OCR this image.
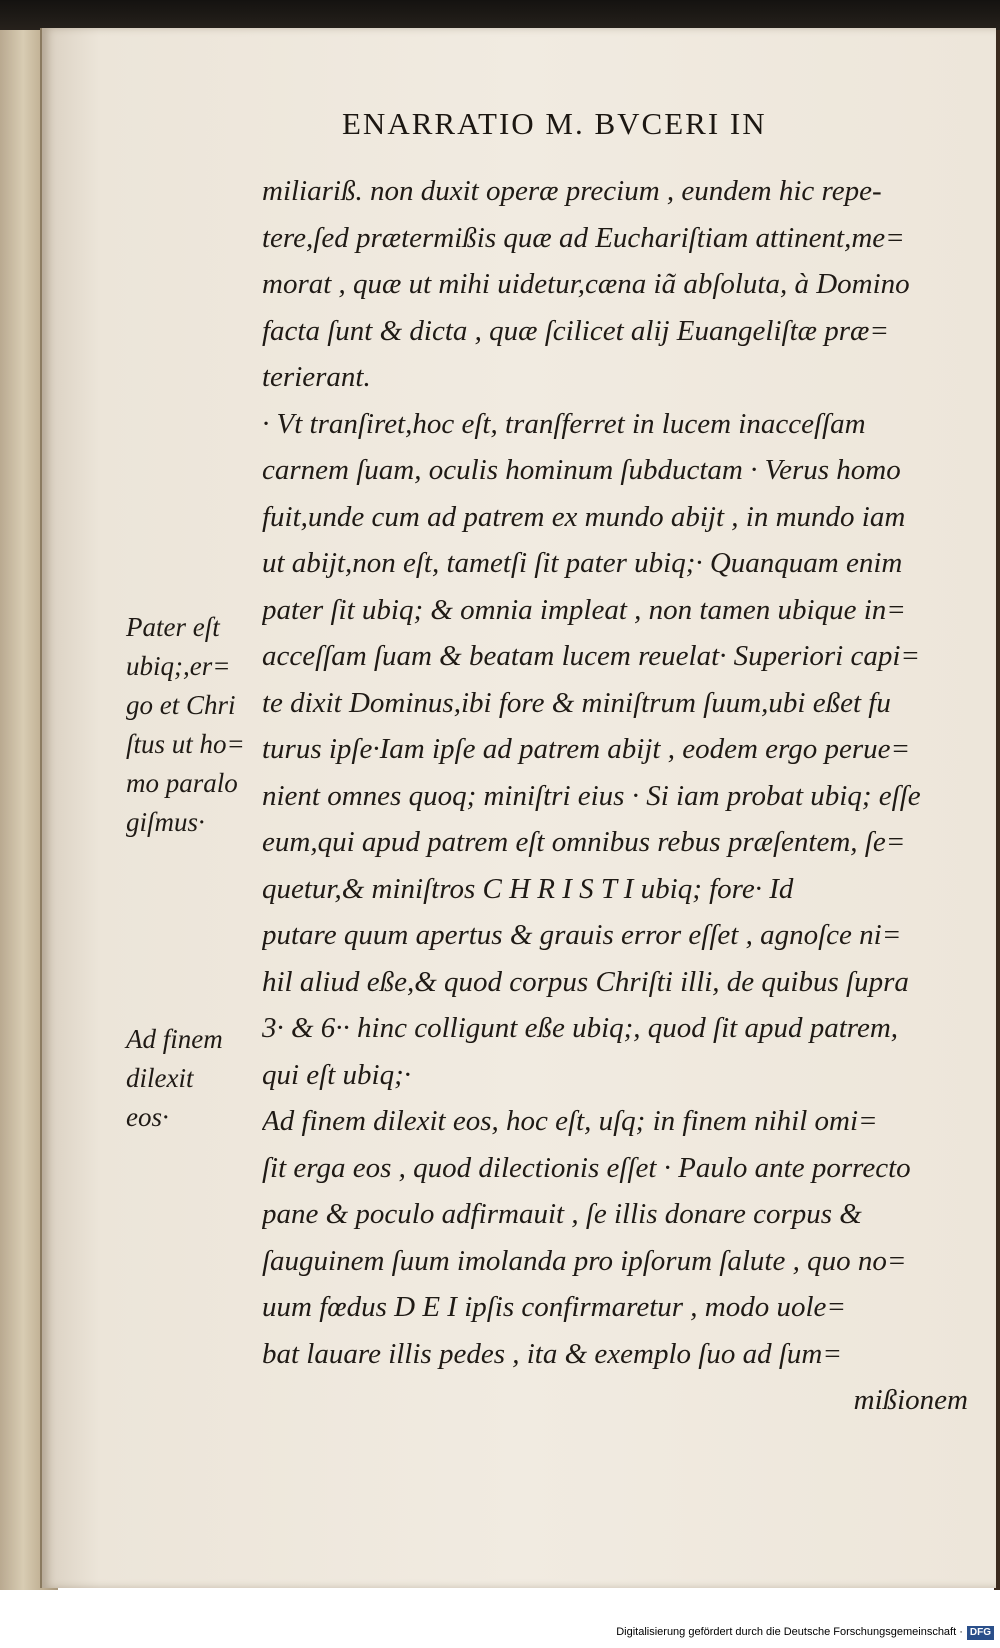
ENARRATIO M. BVCERI IN
miliariß. non duxit operæ precium , eundem hic repe-
tere,ſed prætermißis quæ ad Euchariſtiam attinent,me=
morat , quæ ut mihi uidetur,cæna iã abſoluta, à Domino
facta ſunt & dicta , quæ ſcilicet alij Euangeliſtæ præ=
terierant.
· Vt tranſiret,hoc eſt, tranſferret in lucem inacceſſam
carnem ſuam, oculis hominum ſubductam · Verus homo
fuit,unde cum ad patrem ex mundo abijt , in mundo iam
ut abijt,non eſt, tametſi ſit pater ubiq;· Quanquam enim
pater ſit ubiq; & omnia impleat , non tamen ubique in=
acceſſam ſuam & beatam lucem reuelat· Superiori capi=
te dixit Dominus,ibi fore & miniſtrum ſuum,ubi eßet fu
turus ipſe·Iam ipſe ad patrem abijt , eodem ergo perue=
nient omnes quoq; miniſtri eius · Si iam probat ubiq; eſſe
eum,qui apud patrem eſt omnibus rebus præſentem, ſe=
quetur,& miniſtros C H R I S T I ubiq; fore· Id
putare quum apertus & grauis error eſſet , agnoſce ni=
hil aliud eße,& quod corpus Chriſti illi, de quibus ſupra
3· & 6·· hinc colligunt eße ubiq;, quod ſit apud patrem,
qui eſt ubiq;·
Ad finem dilexit eos, hoc eſt, uſq; in finem nihil omi=
ſit erga eos , quod dilectionis eſſet · Paulo ante porrecto
pane & poculo adfirmauit , ſe illis donare corpus &
ſauguinem ſuum imolanda pro ipſorum ſalute , quo no=
uum fœdus D E I ipſis confirmaretur , modo uole=
bat lauare illis pedes , ita & exemplo ſuo ad ſum=
mißionem
Pater eſt
ubiq;,er=
go et Chri
ſtus ut ho=
mo paralo
giſmus·
Ad finem
dilexit
eos·
Digitalisierung gefördert durch die Deutsche Forschungsgemeinschaft · DFG
